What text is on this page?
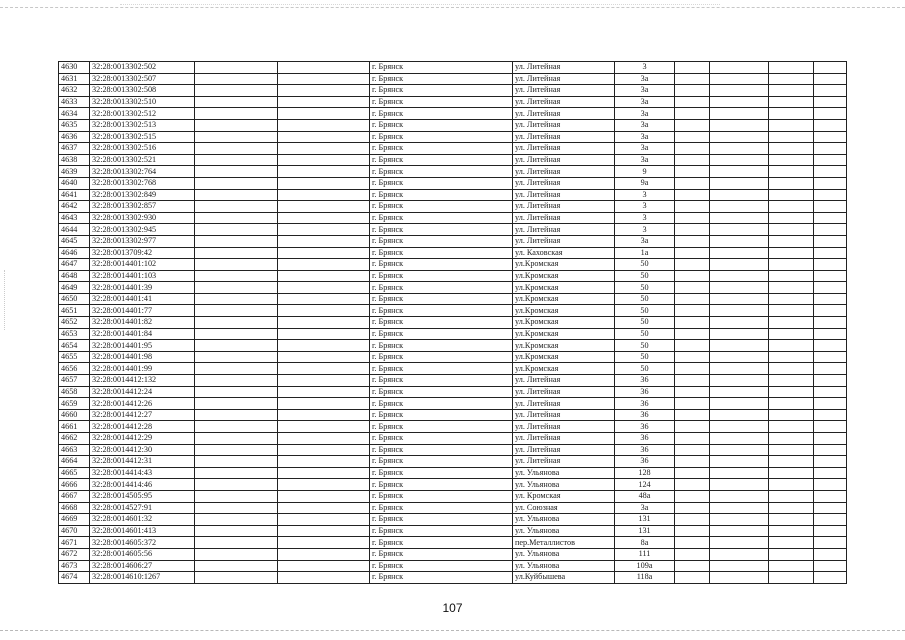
4630	32:28:0013302:502			г. Брянск	ул. Литейная	3				
4631	32:28:0013302:507			г. Брянск	ул. Литейная	3а				
4632	32:28:0013302:508			г. Брянск	ул. Литейная	3а				
4633	32:28:0013302:510			г. Брянск	ул. Литейная	3а				
4634	32:28:0013302:512			г. Брянск	ул. Литейная	3а				
4635	32:28:0013302:513			г. Брянск	ул. Литейная	3а				
4636	32:28:0013302:515			г. Брянск	ул. Литейная	3а				
4637	32:28:0013302:516			г. Брянск	ул. Литейная	3а				
4638	32:28:0013302:521			г. Брянск	ул. Литейная	3а				
4639	32:28:0013302:764			г. Брянск	ул. Литейная	9				
4640	32:28:0013302:768			г. Брянск	ул. Литейная	9а				
4641	32:28:0013302:849			г. Брянск	ул. Литейная	3				
4642	32:28:0013302:857			г. Брянск	ул. Литейная	3				
4643	32:28:0013302:930			г. Брянск	ул. Литейная	3				
4644	32:28:0013302:945			г. Брянск	ул. Литейная	3				
4645	32:28:0013302:977			г. Брянск	ул. Литейная	3а				
4646	32:28:0013709:42			г. Брянск	ул. Каховская	1а				
4647	32:28:0014401:102			г. Брянск	ул.Кромская	50				
4648	32:28:0014401:103			г. Брянск	ул.Кромская	50				
4649	32:28:0014401:39			г. Брянск	ул.Кромская	50				
4650	32:28:0014401:41			г. Брянск	ул.Кромская	50				
4651	32:28:0014401:77			г. Брянск	ул.Кромская	50				
4652	32:28:0014401:82			г. Брянск	ул.Кромская	50				
4653	32:28:0014401:84			г. Брянск	ул.Кромская	50				
4654	32:28:0014401:95			г. Брянск	ул.Кромская	50				
4655	32:28:0014401:98			г. Брянск	ул.Кромская	50				
4656	32:28:0014401:99			г. Брянск	ул.Кромская	50				
4657	32:28:0014412:132			г. Брянск	ул. Литейная	36				
4658	32:28:0014412:24			г. Брянск	ул. Литейная	36				
4659	32:28:0014412:26			г. Брянск	ул. Литейная	36				
4660	32:28:0014412:27			г. Брянск	ул. Литейная	36				
4661	32:28:0014412:28			г. Брянск	ул. Литейная	36				
4662	32:28:0014412:29			г. Брянск	ул. Литейная	36				
4663	32:28:0014412:30			г. Брянск	ул. Литейная	36				
4664	32:28:0014412:31			г. Брянск	ул. Литейная	36				
4665	32:28:0014414:43			г. Брянск	ул. Ульянова	128				
4666	32:28:0014414:46			г. Брянск	ул. Ульянова	124				
4667	32:28:0014505:95			г. Брянск	ул. Кромская	48а				
4668	32:28:0014527:91			г. Брянск	ул. Союзная	3а				
4669	32:28:0014601:32			г. Брянск	ул. Ульянова	131				
4670	32:28:0014601:413			г. Брянск	ул. Ульянова	131				
4671	32:28:0014605:372			г. Брянск	пер.Металлистов	8а				
4672	32:28:0014605:56			г. Брянск	ул. Ульянова	111				
4673	32:28:0014606:27			г. Брянск	ул. Ульянова	109а				
4674	32:28:0014610:1267			г. Брянск	ул.Куйбышева	118а				
107
